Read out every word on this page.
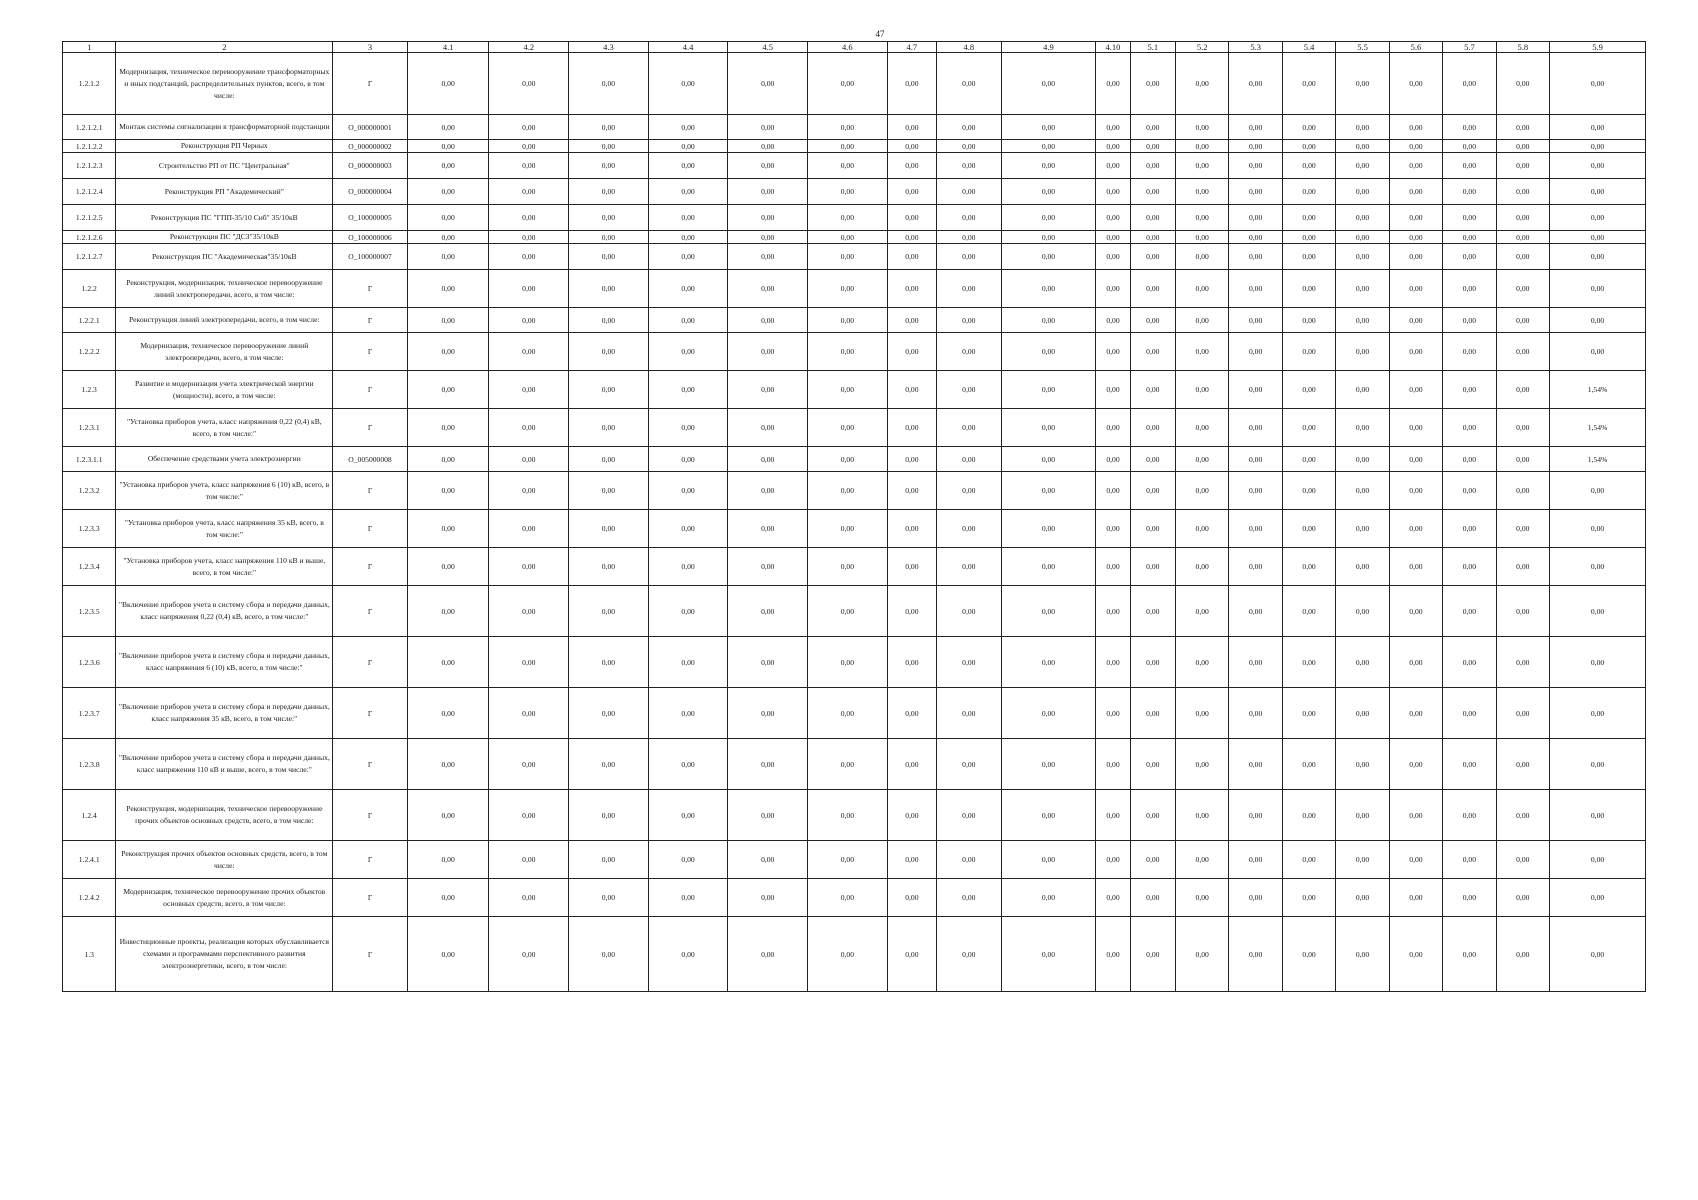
47
1	2	3	4.1	4.2	4.3	4.4	4.5	4.6	4.7	4.8	4.9	4.10	5.1	5.2	5.3	5.4	5.5	5.6	5.7	5.8	5.9
1.2.1.2	Модернизация, техническое перевооружение трансформаторных и иных подстанций, распределительных пунктов, всего, в том числе:	Г	0,00	0,00	0,00	0,00	0,00	0,00	0,00	0,00	0,00	0,00	0,00	0,00	0,00	0,00	0,00	0,00	0,00	0,00	0,00
1.2.1.2.1	Монтаж системы сигнализации в трансформаторной подстанции	О_000000001	0,00	0,00	0,00	0,00	0,00	0,00	0,00	0,00	0,00	0,00	0,00	0,00	0,00	0,00	0,00	0,00	0,00	0,00	0,00
1.2.1.2.2	Реконструкция РП Черных	О_000000002	0,00	0,00	0,00	0,00	0,00	0,00	0,00	0,00	0,00	0,00	0,00	0,00	0,00	0,00	0,00	0,00	0,00	0,00	0,00
1.2.1.2.3	Строительство РП от ПС "Центральная"	О_000000003	0,00	0,00	0,00	0,00	0,00	0,00	0,00	0,00	0,00	0,00	0,00	0,00	0,00	0,00	0,00	0,00	0,00	0,00	0,00
1.2.1.2.4	Реконструкция РП "Академический"	О_000000004	0,00	0,00	0,00	0,00	0,00	0,00	0,00	0,00	0,00	0,00	0,00	0,00	0,00	0,00	0,00	0,00	0,00	0,00	0,00
1.2.1.2.5	Реконструкция ПС "ГПП-35/10 Сиб" 35/10кВ	О_100000005	0,00	0,00	0,00	0,00	0,00	0,00	0,00	0,00	0,00	0,00	0,00	0,00	0,00	0,00	0,00	0,00	0,00	0,00	0,00
1.2.1.2.6	Реконструкция ПС "ДСЗ"35/10кВ	О_100000006	0,00	0,00	0,00	0,00	0,00	0,00	0,00	0,00	0,00	0,00	0,00	0,00	0,00	0,00	0,00	0,00	0,00	0,00	0,00
1.2.1.2.7	Реконструкция ПС "Академическая"35/10кВ	О_100000007	0,00	0,00	0,00	0,00	0,00	0,00	0,00	0,00	0,00	0,00	0,00	0,00	0,00	0,00	0,00	0,00	0,00	0,00	0,00
1.2.2	Реконструкция, модернизация, техническое перевооружение линий электропередачи, всего, в том числе:	Г	0,00	0,00	0,00	0,00	0,00	0,00	0,00	0,00	0,00	0,00	0,00	0,00	0,00	0,00	0,00	0,00	0,00	0,00	0,00
1.2.2.1	Реконструкция линий электропередачи, всего, в том числе:	Г	0,00	0,00	0,00	0,00	0,00	0,00	0,00	0,00	0,00	0,00	0,00	0,00	0,00	0,00	0,00	0,00	0,00	0,00	0,00
1.2.2.2	Модернизация, техническое перевооружение линий электропередачи, всего, в том числе:	Г	0,00	0,00	0,00	0,00	0,00	0,00	0,00	0,00	0,00	0,00	0,00	0,00	0,00	0,00	0,00	0,00	0,00	0,00	0,00
1.2.3	Развитие и модернизация учета электрической энергии (мощности), всего, в том числе:	Г	0,00	0,00	0,00	0,00	0,00	0,00	0,00	0,00	0,00	0,00	0,00	0,00	0,00	0,00	0,00	0,00	0,00	0,00	1,54%
1.2.3.1	"Установка приборов учета, класс напряжения 0,22 (0,4) кВ, всего, в том числе:"	Г	0,00	0,00	0,00	0,00	0,00	0,00	0,00	0,00	0,00	0,00	0,00	0,00	0,00	0,00	0,00	0,00	0,00	0,00	1,54%
1.2.3.1.1	Обеспечение средствами учета электроэнергии	О_005000008	0,00	0,00	0,00	0,00	0,00	0,00	0,00	0,00	0,00	0,00	0,00	0,00	0,00	0,00	0,00	0,00	0,00	0,00	1,54%
1.2.3.2	"Установка приборов учета, класс напряжения 6 (10) кВ, всего, в том числе:"	Г	0,00	0,00	0,00	0,00	0,00	0,00	0,00	0,00	0,00	0,00	0,00	0,00	0,00	0,00	0,00	0,00	0,00	0,00	0,00
1.2.3.3	"Установка приборов учета, класс напряжения 35 кВ, всего, в том числе:"	Г	0,00	0,00	0,00	0,00	0,00	0,00	0,00	0,00	0,00	0,00	0,00	0,00	0,00	0,00	0,00	0,00	0,00	0,00	0,00
1.2.3.4	"Установка приборов учета, класс напряжения 110 кВ и выше, всего, в том числе:"	Г	0,00	0,00	0,00	0,00	0,00	0,00	0,00	0,00	0,00	0,00	0,00	0,00	0,00	0,00	0,00	0,00	0,00	0,00	0,00
1.2.3.5	"Включение приборов учета в систему сбора и передачи данных, класс напряжения 0,22 (0,4) кВ, всего, в том числе:"	Г	0,00	0,00	0,00	0,00	0,00	0,00	0,00	0,00	0,00	0,00	0,00	0,00	0,00	0,00	0,00	0,00	0,00	0,00	0,00
1.2.3.6	"Включение приборов учета в систему сбора и передачи данных, класс напряжения 6 (10) кВ, всего, в том числе:"	Г	0,00	0,00	0,00	0,00	0,00	0,00	0,00	0,00	0,00	0,00	0,00	0,00	0,00	0,00	0,00	0,00	0,00	0,00	0,00
1.2.3.7	"Включение приборов учета в систему сбора и передачи данных, класс напряжения 35 кВ, всего, в том числе:"	Г	0,00	0,00	0,00	0,00	0,00	0,00	0,00	0,00	0,00	0,00	0,00	0,00	0,00	0,00	0,00	0,00	0,00	0,00	0,00
1.2.3.8	"Включение приборов учета в систему сбора и передачи данных, класс напряжения 110 кВ и выше, всего, в том числе:"	Г	0,00	0,00	0,00	0,00	0,00	0,00	0,00	0,00	0,00	0,00	0,00	0,00	0,00	0,00	0,00	0,00	0,00	0,00	0,00
1.2.4	Реконструкция, модернизация, техническое перевооружение прочих объектов основных средств, всего, в том числе:	Г	0,00	0,00	0,00	0,00	0,00	0,00	0,00	0,00	0,00	0,00	0,00	0,00	0,00	0,00	0,00	0,00	0,00	0,00	0,00
1.2.4.1	Реконструкция прочих объектов основных средств, всего, в том числе:	Г	0,00	0,00	0,00	0,00	0,00	0,00	0,00	0,00	0,00	0,00	0,00	0,00	0,00	0,00	0,00	0,00	0,00	0,00	0,00
1.2.4.2	Модернизация, техническое перевооружение прочих объектов основных средств, всего, в том числе:	Г	0,00	0,00	0,00	0,00	0,00	0,00	0,00	0,00	0,00	0,00	0,00	0,00	0,00	0,00	0,00	0,00	0,00	0,00	0,00
1.3	Инвестиционные проекты, реализация которых обуславливается схемами и программами перспективного развития электроэнергетики, всего, в том числе:	Г	0,00	0,00	0,00	0,00	0,00	0,00	0,00	0,00	0,00	0,00	0,00	0,00	0,00	0,00	0,00	0,00	0,00	0,00	0,00
